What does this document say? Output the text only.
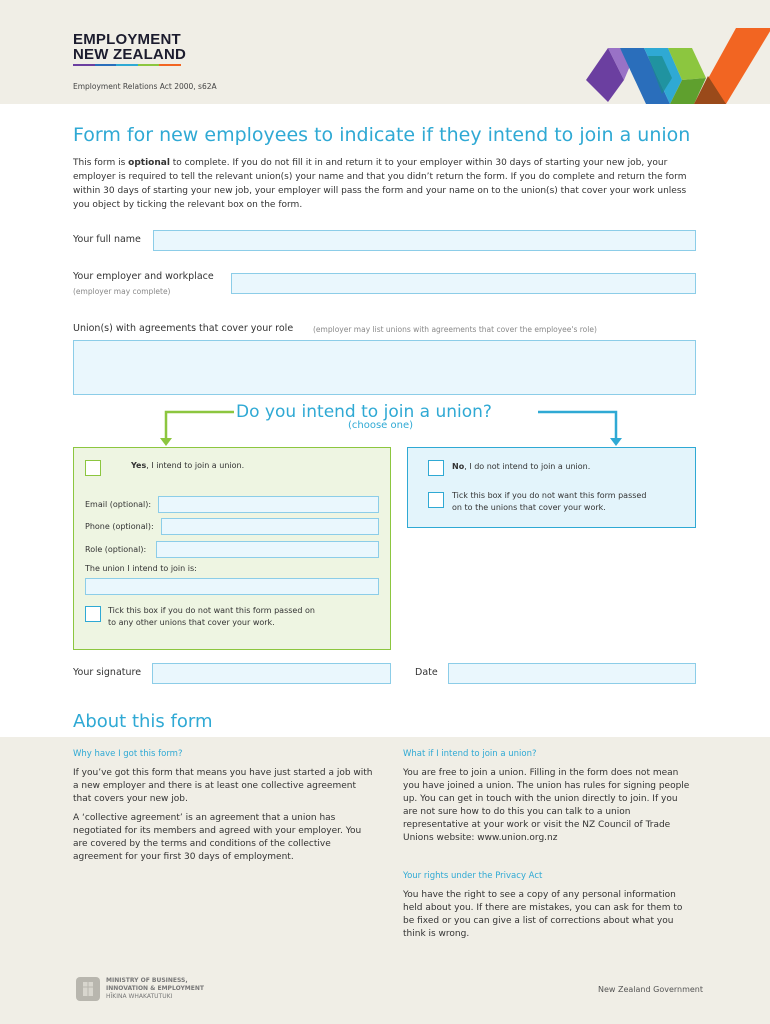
EMPLOYMENT
NEW ZEALAND
Employment Relations Act 2000, s62A
Form for new employees to indicate if they intend to join a union
This form is optional to complete. If you do not fill it in and return it to your employer within 30 days of starting your new job, your employer is required to tell the relevant union(s) your name and that you didn’t return the form. If you do complete and return the form within 30 days of starting your new job, your employer will pass the form and your name on to the union(s) that cover your work unless you object by ticking the relevant box on the form.
Your full name
Your employer and workplace
(employer may complete)
Union(s) with agreements that cover your role	(employer may list unions with agreements that cover the employee's role)
Do you intend to join a union?
(choose one)
Yes, I intend to join a union.
Email (optional):
Phone (optional):
Role (optional):
The union I intend to join is:
Tick this box if you do not want this form passed on
to any other unions that cover your work.
No, I do not intend to join a union.
Tick this box if you do not want this form passed
on to the unions that cover your work.
Your signature	Date
About this form
Why have I got this form?
If you’ve got this form that means you have just started a job with a new employer and there is at least one collective agreement that covers your new job.
A ‘collective agreement’ is an agreement that a union has negotiated for its members and agreed with your employer. You are covered by the terms and conditions of the collective agreement for your first 30 days of employment.
What if I intend to join a union?
You are free to join a union. Filling in the form does not mean you have joined a union. The union has rules for signing people up. You can get in touch with the union directly to join. If you are not sure how to do this you can talk to a union representative at your work or visit the NZ Council of Trade Unions website: www.union.org.nz
Your rights under the Privacy Act
You have the right to see a copy of any personal information held about you. If there are mistakes, you can ask for them to be fixed or you can give a list of corrections about what you think is wrong.
MINISTRY OF BUSINESS,
INNOVATION & EMPLOYMENT
HĪKINA WHAKATUTUKI
New Zealand Government
